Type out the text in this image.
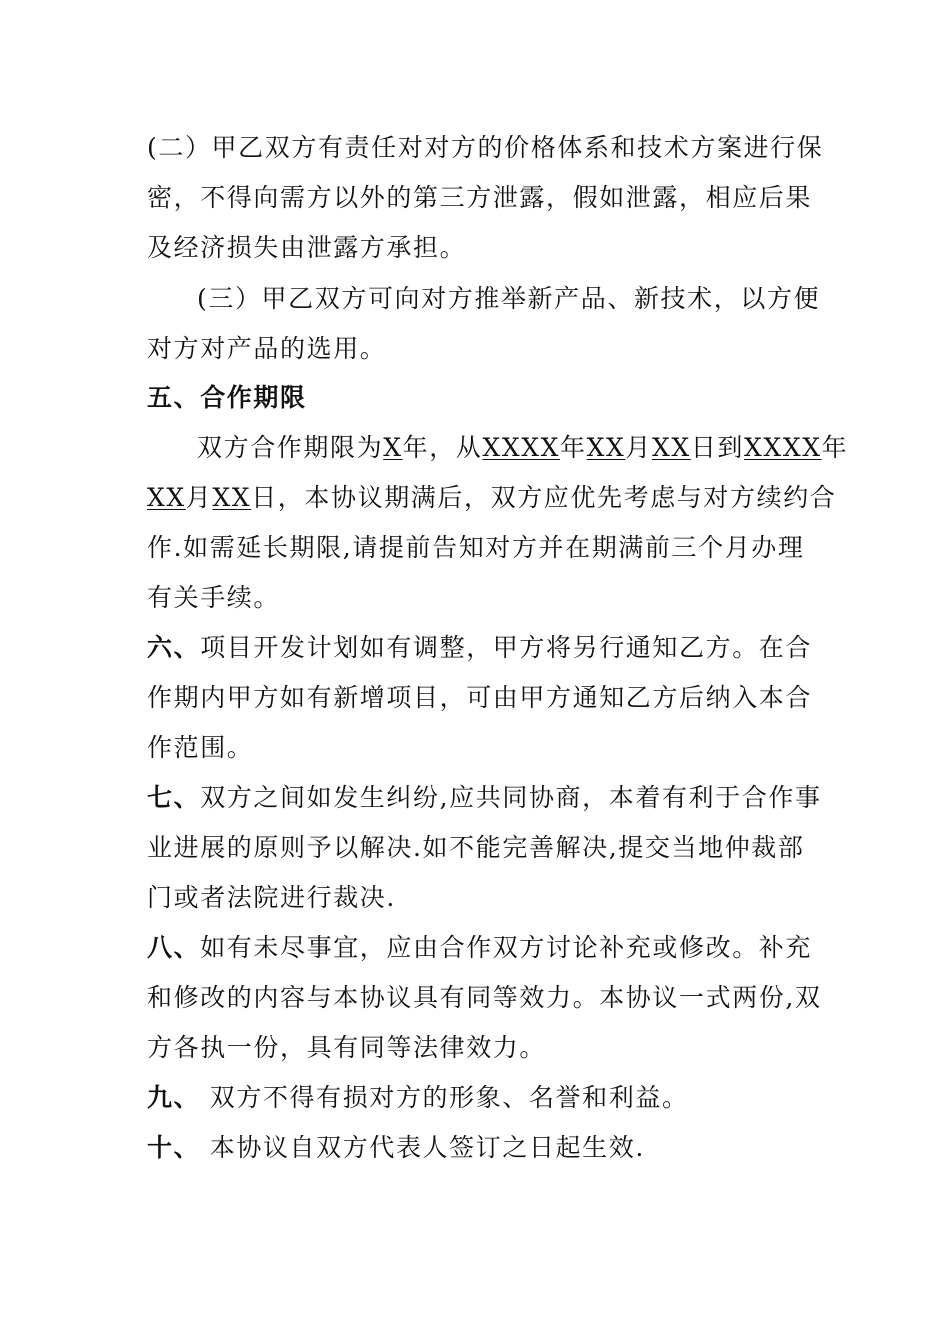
(二）甲乙双方有责任对对方的价格体系和技术方案进行保
密，不得向需方以外的第三方泄露，假如泄露，相应后果
及经济损失由泄露方承担。
(三）甲乙双方可向对方推举新产品、新技术，以方便
对方对产品的选用。
五、合作期限
双方合作期限为X年，从XXXX年XX月XX日到XXXX年
XX月XX日，本协议期满后，双方应优先考虑与对方续约合
作.如需延长期限,请提前告知对方并在期满前三个月办理
有关手续。
六、项目开发计划如有调整，甲方将另行通知乙方。在合
作期内甲方如有新增项目，可由甲方通知乙方后纳入本合
作范围。
七、双方之间如发生纠纷,应共同协商，本着有利于合作事
业进展的原则予以解决.如不能完善解决,提交当地仲裁部
门或者法院进行裁决.
八、如有未尽事宜，应由合作双方讨论补充或修改。补充
和修改的内容与本协议具有同等效力。本协议一式两份,双
方各执一份，具有同等法律效力。
九、 双方不得有损对方的形象、名誉和利益。
十、 本协议自双方代表人签订之日起生效.
